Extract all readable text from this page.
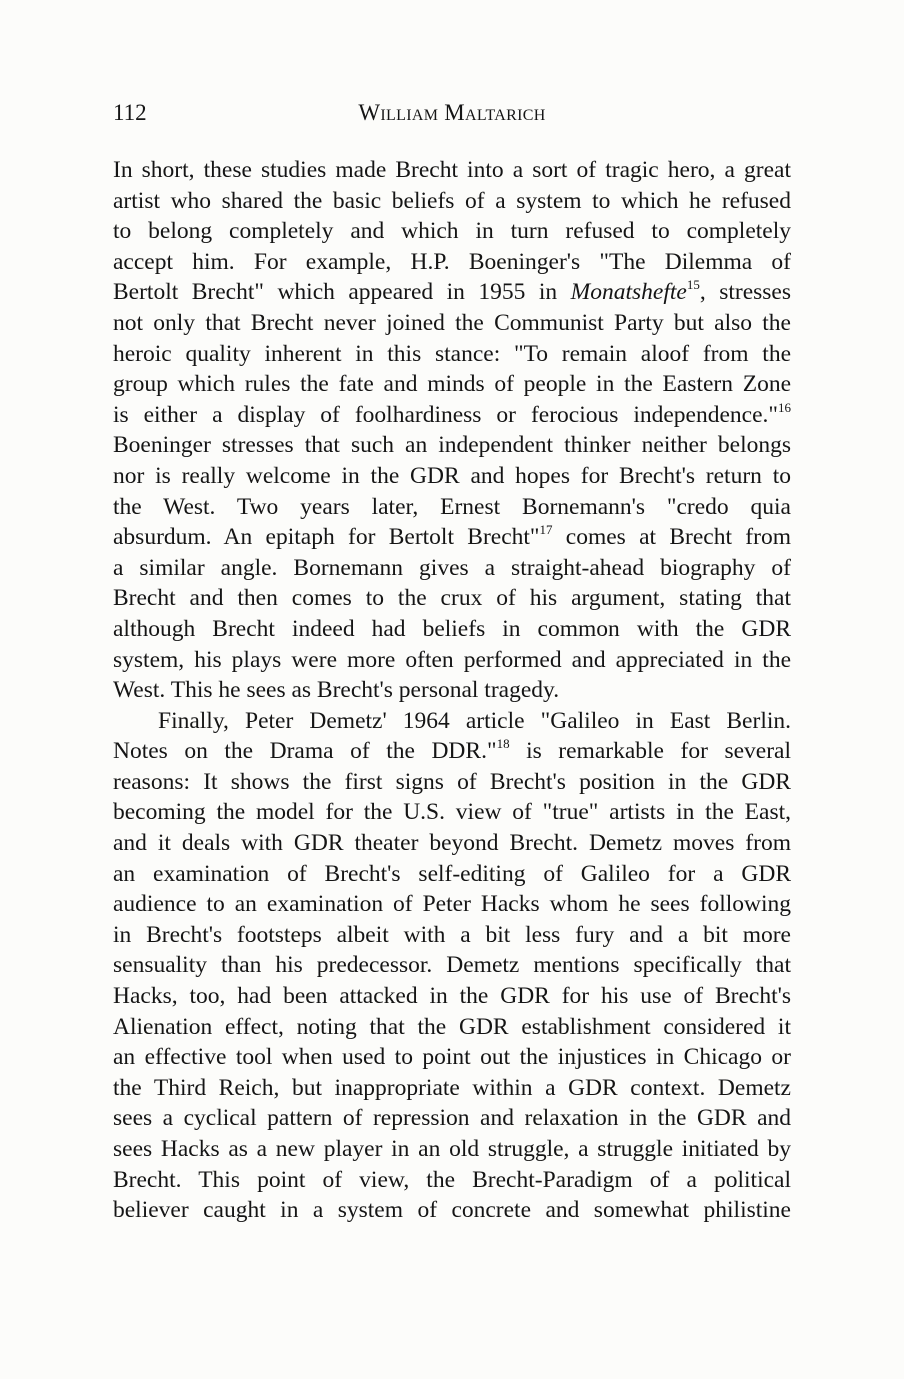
112	William Maltarich
In short, these studies made Brecht into a sort of tragic hero, a great
artist who shared the basic beliefs of a system to which he refused
to belong completely and which in turn refused to completely
accept him. For example, H.P. Boeninger's "The Dilemma of
Bertolt Brecht" which appeared in 1955 in Monatshefte$^{15}$, stresses
not only that Brecht never joined the Communist Party but also the
heroic quality inherent in this stance: "To remain aloof from the
group which rules the fate and minds of people in the Eastern Zone
is either a display of foolhardiness or ferocious independence."$^{16}$
Boeninger stresses that such an independent thinker neither belongs
nor is really welcome in the GDR and hopes for Brecht's return to
the West. Two years later, Ernest Bornemann's "credo quia
absurdum. An epitaph for Bertolt Brecht"$^{17}$ comes at Brecht from
a similar angle. Bornemann gives a straight-ahead biography of
Brecht and then comes to the crux of his argument, stating that
although Brecht indeed had beliefs in common with the GDR
system, his plays were more often performed and appreciated in the
West. This he sees as Brecht's personal tragedy.
Finally, Peter Demetz' 1964 article "Galileo in East Berlin.
Notes on the Drama of the DDR."$^{18}$ is remarkable for several
reasons: It shows the first signs of Brecht's position in the GDR
becoming the model for the U.S. view of "true" artists in the East,
and it deals with GDR theater beyond Brecht. Demetz moves from
an examination of Brecht's self-editing of Galileo for a GDR
audience to an examination of Peter Hacks whom he sees following
in Brecht's footsteps albeit with a bit less fury and a bit more
sensuality than his predecessor. Demetz mentions specifically that
Hacks, too, had been attacked in the GDR for his use of Brecht's
Alienation effect, noting that the GDR establishment considered it
an effective tool when used to point out the injustices in Chicago or
the Third Reich, but inappropriate within a GDR context. Demetz
sees a cyclical pattern of repression and relaxation in the GDR and
sees Hacks as a new player in an old struggle, a struggle initiated by
Brecht. This point of view, the Brecht-Paradigm of a political
believer caught in a system of concrete and somewhat philistine
